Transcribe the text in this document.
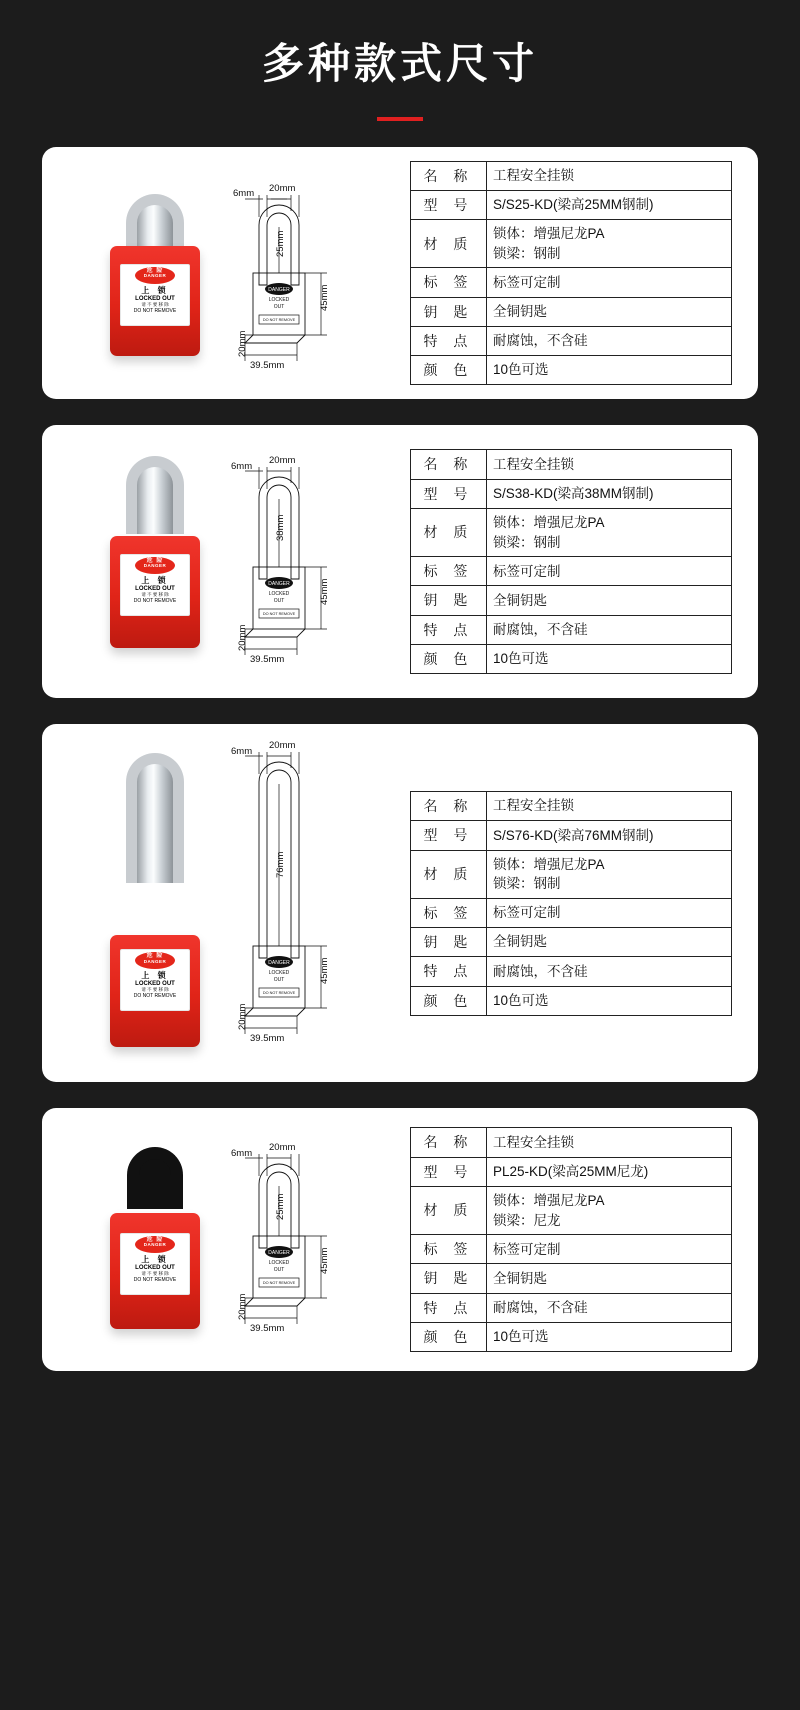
多种款式尺寸
危 险
DANGER
上 锁
LOCKED OUT
请 不 要 移 除
DO NOT REMOVE
DANGER
LOCKED
OUT
DO NOT REMOVE
6mm 20mm
25mm
45mm
39.5mm
20mm
名 称	工程安全挂锁
型 号	S/S25-KD(梁高25MM钢制)
材 质	锁体：增强尼龙PA
锁梁：钢制

标 签	标签可定制
钥 匙	全铜钥匙
特 点	耐腐蚀，不含硅
颜 色	10色可选
危 险
DANGER
上 锁
LOCKED OUT
请 不 要 移 除
DO NOT REMOVE
DANGER
LOCKED
OUT
DO NOT REMOVE
6mm
20mm
38mm
45mm
39.5mm
20mm
名 称	工程安全挂锁
型 号	S/S38-KD(梁高38MM钢制)
材 质	锁体：增强尼龙PA
锁梁：钢制

标 签	标签可定制
钥 匙	全铜钥匙
特 点	耐腐蚀，不含硅
颜 色	10色可选
危 险
DANGER
上 锁
LOCKED OUT
请 不 要 移 除
DO NOT REMOVE
DANGER
LOCKED
OUT
DO NOT REMOVE
6mm
20mm
76mm
45mm
39.5mm
20mm
名 称	工程安全挂锁
型 号	S/S76-KD(梁高76MM钢制)
材 质	锁体：增强尼龙PA
锁梁：钢制

标 签	标签可定制
钥 匙	全铜钥匙
特 点	耐腐蚀，不含硅
颜 色	10色可选
危 险
DANGER
上 锁
LOCKED OUT
请 不 要 移 除
DO NOT REMOVE
DANGER
LOCKED
OUT
DO NOT REMOVE
6mm
20mm
25mm
45mm
39.5mm
20mm
名 称	工程安全挂锁
型 号	PL25-KD(梁高25MM尼龙)
材 质	锁体：增强尼龙PA
锁梁：尼龙

标 签	标签可定制
钥 匙	全铜钥匙
特 点	耐腐蚀，不含硅
颜 色	10色可选
